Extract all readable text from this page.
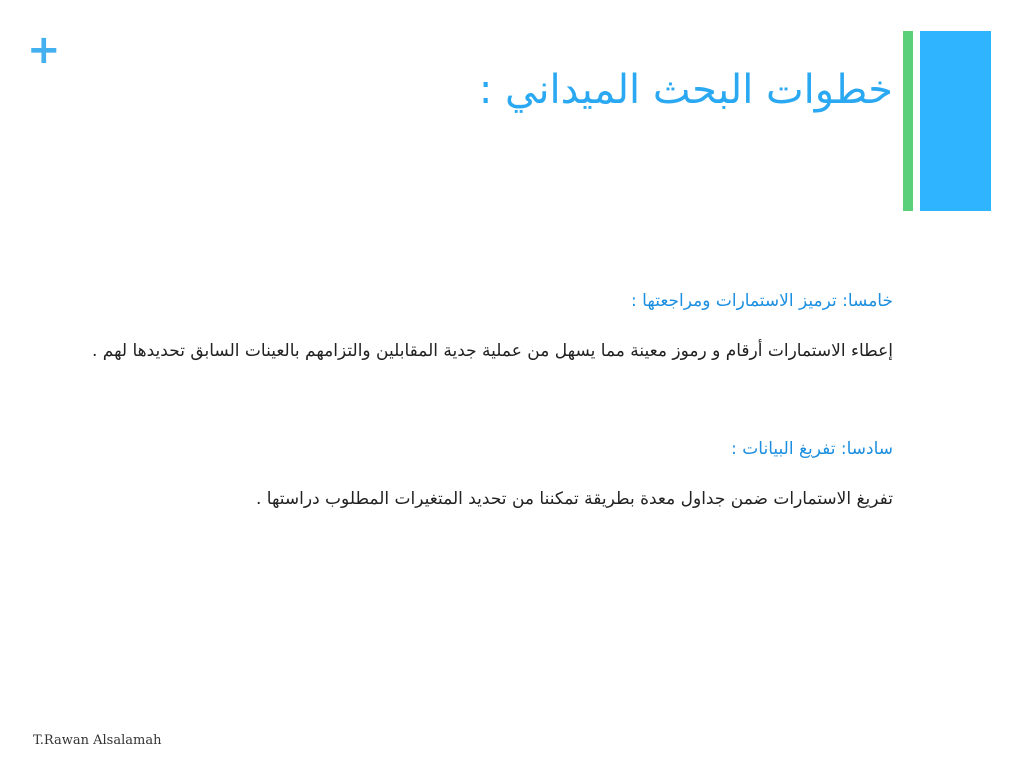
+
خطوات البحث الميداني :

خامسا: ترميز الاستمارات ومراجعتها :

إعطاء الاستمارات أرقام و رموز معينة مما يسهل من عملية جدية المقابلين والتزامهم بالعينات السابق تحديدها لهم .

سادسا: تفريغ البيانات :

تفريغ الاستمارات ضمن جداول معدة بطريقة تمكننا من تحديد المتغيرات المطلوب دراستها .

T.Rawan Alsalamah
